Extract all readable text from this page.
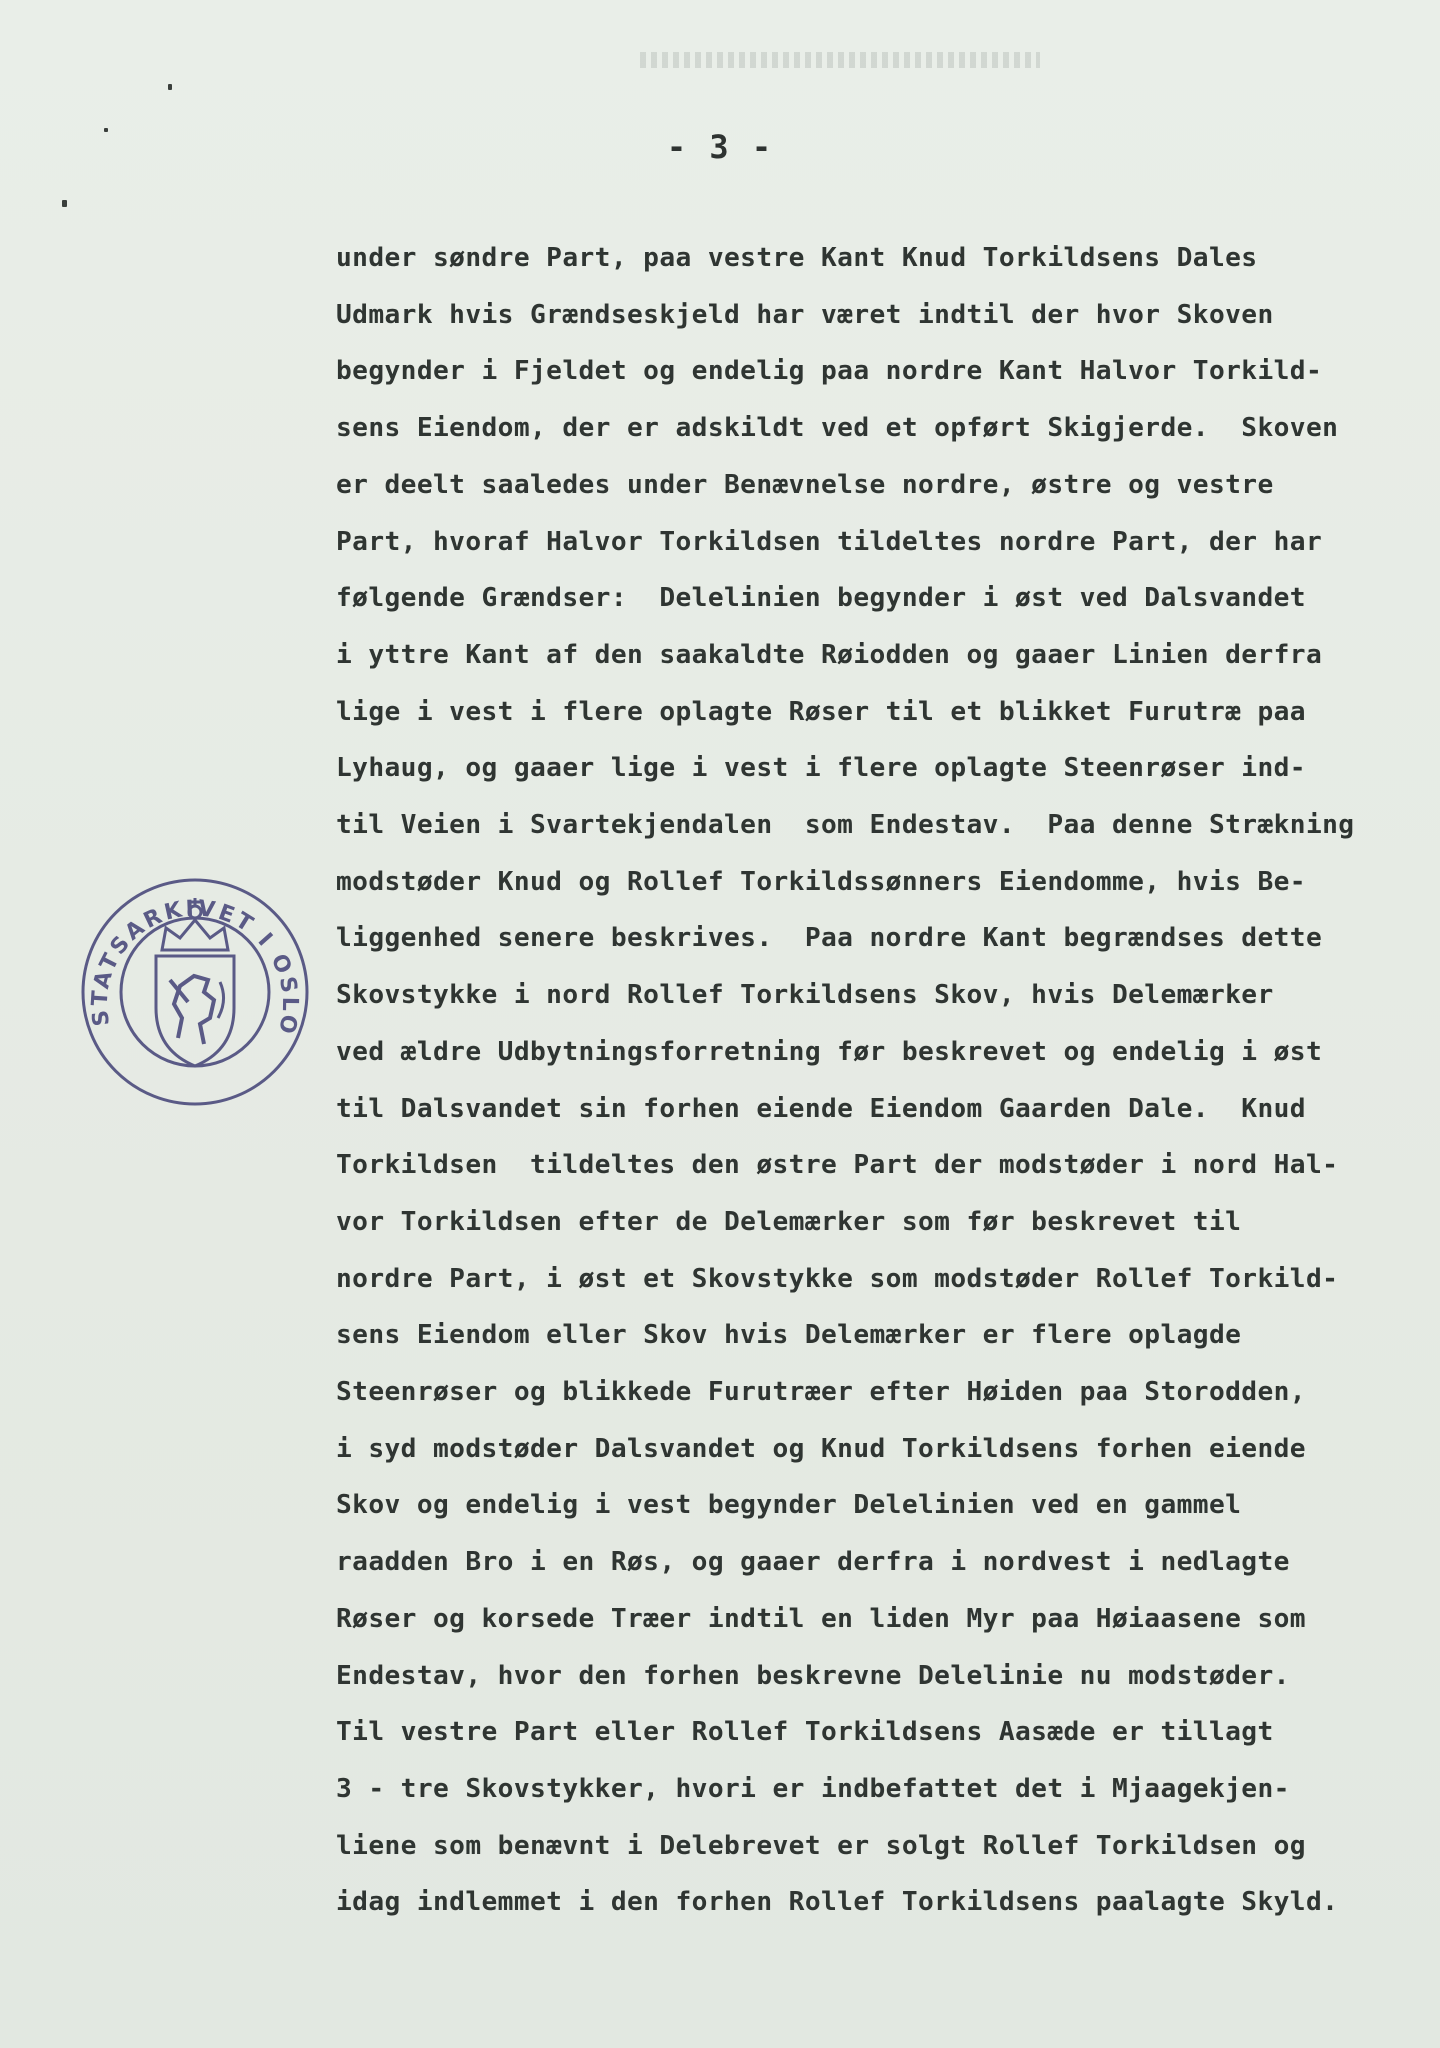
- 3 -
STATSARKIVET I OSLO
under søndre Part, paa vestre Kant Knud Torkildsens Dales
Udmark hvis Grændseskjeld har været indtil der hvor Skoven
begynder i Fjeldet og endelig paa nordre Kant Halvor Torkild-
sens Eiendom, der er adskildt ved et opført Skigjerde.  Skoven
er deelt saaledes under Benævnelse nordre, østre og vestre
Part, hvoraf Halvor Torkildsen tildeltes nordre Part, der har
følgende Grændser:  Delelinien begynder i øst ved Dalsvandet
i yttre Kant af den saakaldte Røiodden og gaaer Linien derfra
lige i vest i flere oplagte Røser til et blikket Furutræ paa
Lyhaug, og gaaer lige i vest i flere oplagte Steenrøser ind-
til Veien i Svartekjendalen  som Endestav.  Paa denne Strækning
modstøder Knud og Rollef Torkildssønners Eiendomme, hvis Be-
liggenhed senere beskrives.  Paa nordre Kant begrændses dette
Skovstykke i nord Rollef Torkildsens Skov, hvis Delemærker
ved ældre Udbytningsforretning før beskrevet og endelig i øst
til Dalsvandet sin forhen eiende Eiendom Gaarden Dale.  Knud
Torkildsen  tildeltes den østre Part der modstøder i nord Hal-
vor Torkildsen efter de Delemærker som før beskrevet til
nordre Part, i øst et Skovstykke som modstøder Rollef Torkild-
sens Eiendom eller Skov hvis Delemærker er flere oplagde
Steenrøser og blikkede Furutræer efter Høiden paa Storodden,
i syd modstøder Dalsvandet og Knud Torkildsens forhen eiende
Skov og endelig i vest begynder Delelinien ved en gammel
raadden Bro i en Røs, og gaaer derfra i nordvest i nedlagte
Røser og korsede Træer indtil en liden Myr paa Høiaasene som
Endestav, hvor den forhen beskrevne Delelinie nu modstøder.
Til vestre Part eller Rollef Torkildsens Aasæde er tillagt
3 - tre Skovstykker, hvori er indbefattet det i Mjaagekjen-
liene som benævnt i Delebrevet er solgt Rollef Torkildsen og
idag indlemmet i den forhen Rollef Torkildsens paalagte Skyld.
